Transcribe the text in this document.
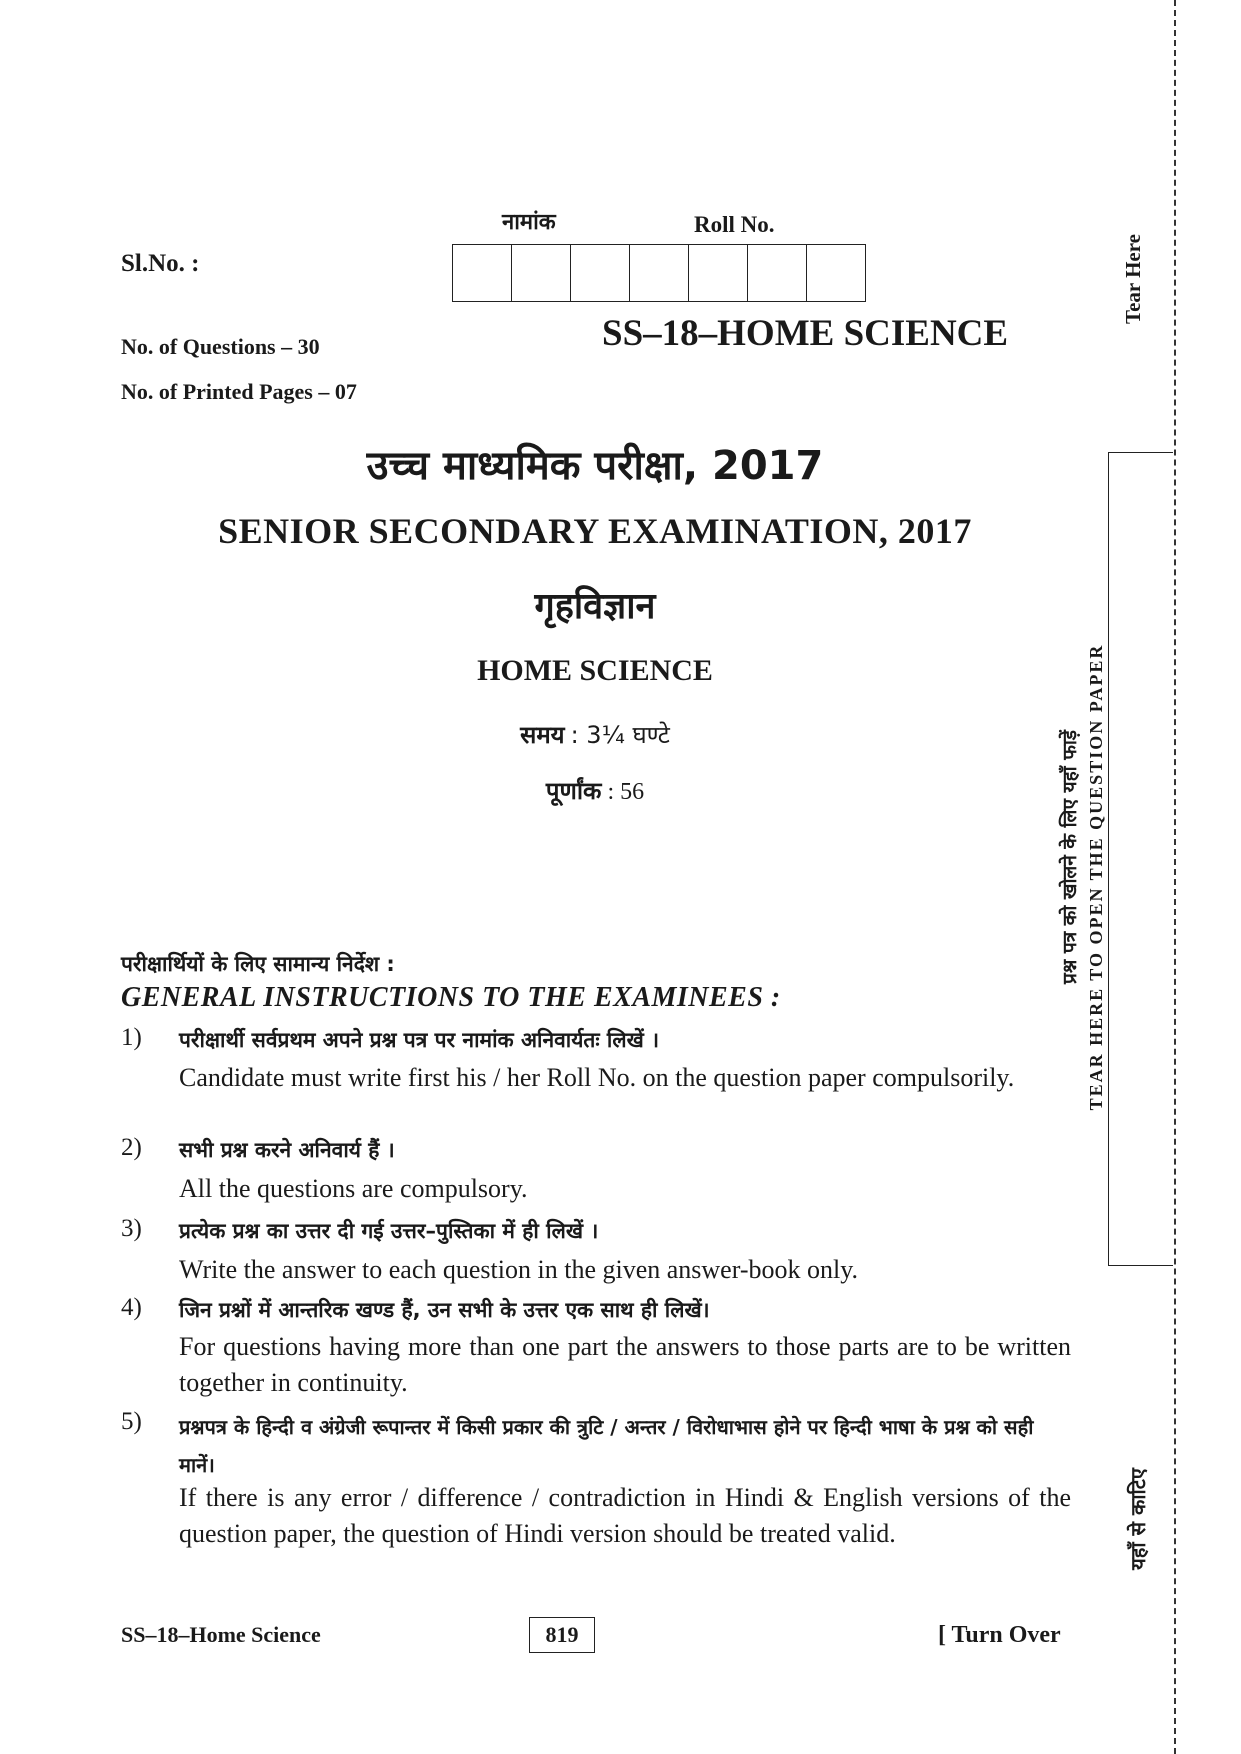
नामांक	Roll No.
Sl.No. :
SS–18–HOME SCIENCE
No. of Questions – 30
No. of Printed Pages – 07
उच्च माध्यमिक परीक्षा, 2017
SENIOR SECONDARY EXAMINATION, 2017
गृहविज्ञान
HOME SCIENCE
समय : 3¼ घण्टे
पूर्णांक : 56
परीक्षार्थियों के लिए सामान्य निर्देश :
GENERAL INSTRUCTIONS TO THE EXAMINEES :
1) परीक्षार्थी सर्वप्रथम अपने प्रश्न पत्र पर नामांक अनिवार्यतः लिखें ।
Candidate must write first his / her Roll No. on the question paper compulsorily.
2) सभी प्रश्न करने अनिवार्य हैं ।
All the questions are compulsory.
3) प्रत्येक प्रश्न का उत्तर दी गई उत्तर–पुस्तिका में ही लिखें ।
Write the answer to each question in the given answer-book only.
4) जिन प्रश्नों में आन्तरिक खण्ड हैं, उन सभी के उत्तर एक साथ ही लिखें।
For questions having more than one part the answers to those parts are to be written together in continuity.
5) प्रश्नपत्र के हिन्दी व अंग्रेजी रूपान्तर में किसी प्रकार की त्रुटि / अन्तर / विरोधाभास होने पर हिन्दी भाषा के प्रश्न को सही मानें।
If there is any error / difference / contradiction in Hindi & English versions of the question paper, the question of Hindi version should be treated valid.
SS–18–Home Science	819	[ Turn Over
Tear Here
प्रश्न पत्र को खोलने के लिए यहाँ फाड़ें TEAR HERE TO OPEN THE QUESTION PAPER
यहाँ से काटिए
